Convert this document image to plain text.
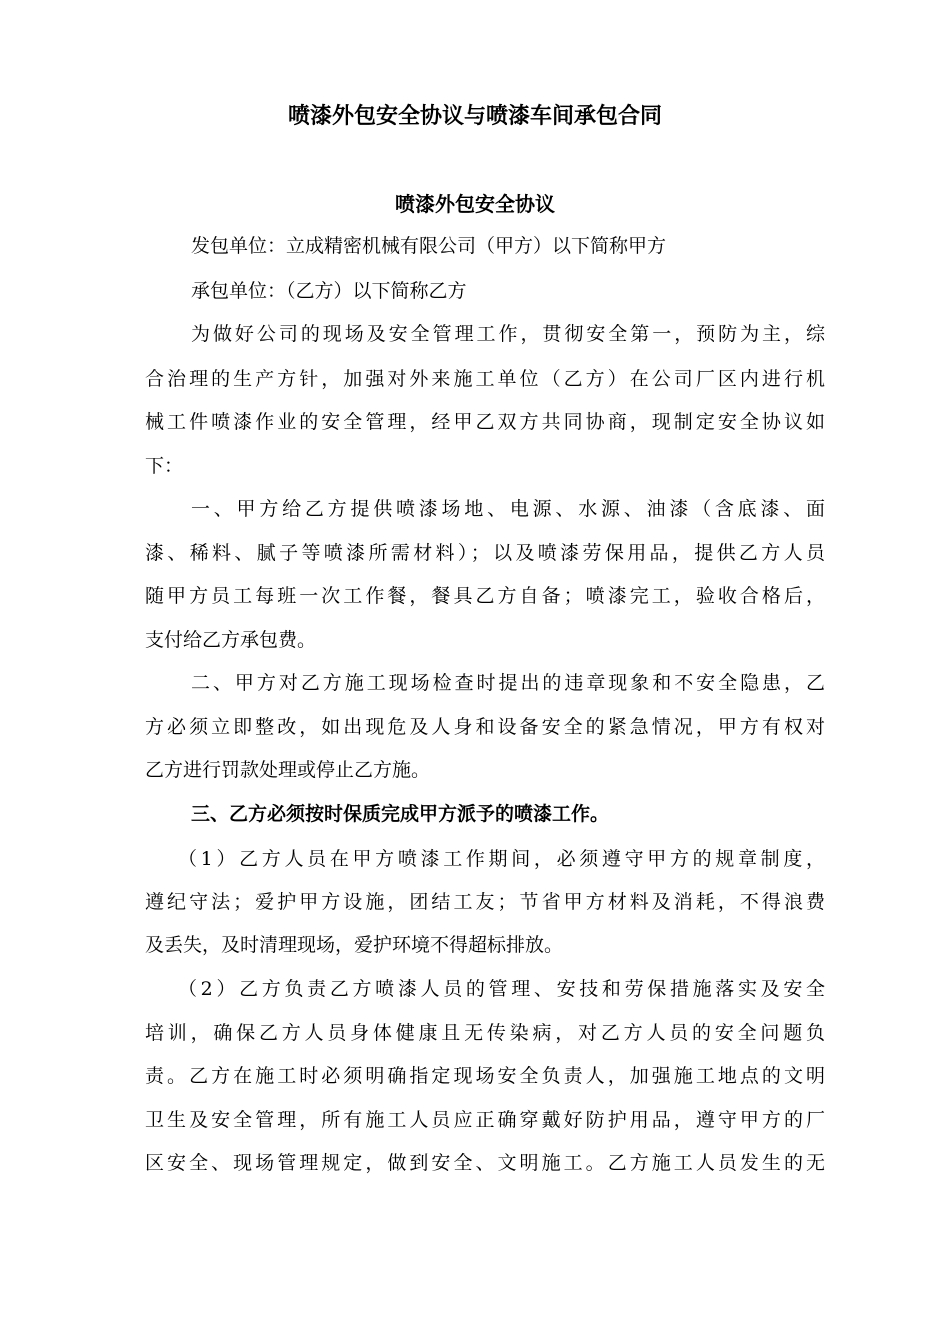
喷漆外包安全协议与喷漆车间承包合同
喷漆外包安全协议

发包单位：立成精密机械有限公司（甲方）以下简称甲方

承包单位：（乙方）以下简称乙方

为做好公司的现场及安全管理工作，贯彻安全第一，预防为主，综

合治理的生产方针，加强对外来施工单位（乙方）在公司厂区内进行机

械工件喷漆作业的安全管理，经甲乙双方共同协商，现制定安全协议如

下：

一、甲方给乙方提供喷漆场地、电源、水源、油漆（含底漆、面

漆、稀料、腻子等喷漆所需材料）；以及喷漆劳保用品，提供乙方人员

随甲方员工每班一次工作餐，餐具乙方自备；喷漆完工，验收合格后，

支付给乙方承包费。

二、甲方对乙方施工现场检查时提出的违章现象和不安全隐患，乙

方必须立即整改，如出现危及人身和设备安全的紧急情况，甲方有权对

乙方进行罚款处理或停止乙方施。

三、乙方必须按时保质完成甲方派予的喷漆工作。

（1）乙方人员在甲方喷漆工作期间，必须遵守甲方的规章制度，

遵纪守法；爱护甲方设施，团结工友；节省甲方材料及消耗，不得浪费

及丢失，及时清理现场，爱护环境不得超标排放。

（2）乙方负责乙方喷漆人员的管理、安技和劳保措施落实及安全

培训，确保乙方人员身体健康且无传染病，对乙方人员的安全问题负

责。乙方在施工时必须明确指定现场安全负责人，加强施工地点的文明

卫生及安全管理，所有施工人员应正确穿戴好防护用品，遵守甲方的厂

区安全、现场管理规定，做到安全、文明施工。乙方施工人员发生的无
